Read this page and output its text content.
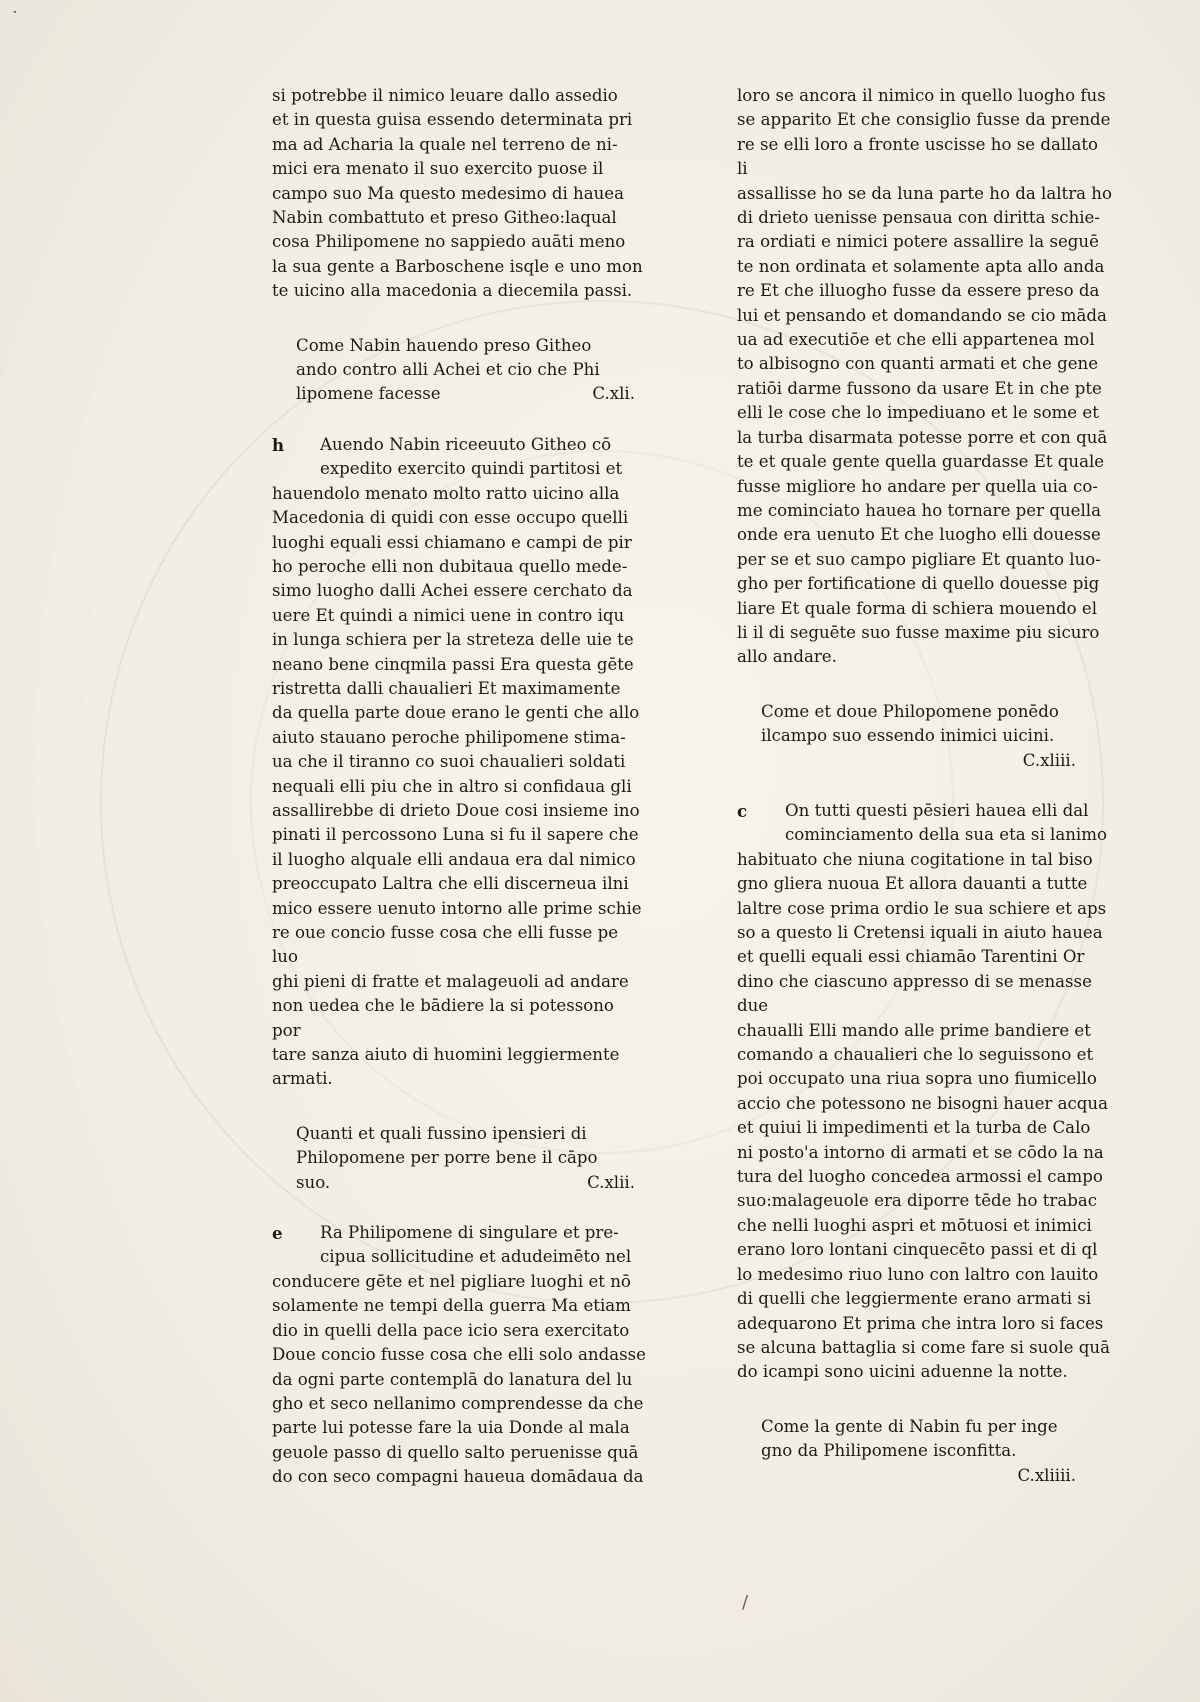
·
/

si potrebbe il nimico leuare dallo assedio

et in questa guisa essendo determinata pri

ma ad Acharia la quale nel terreno de ni-

mici era menato il suo exercito puose il

campo suo Ma questo medesimo di hauea

Nabin combattuto et preso Githeo:laqual

cosa Philipomene no sappiedo auāti meno

la sua gente a Barboschene isqle e uno mon

te uicino alla macedonia a diecemila passi.

Come Nabin hauendo preso Githeo

ando contro alli Achei et cio che Phi

lipomene facesse	C.xli.

h	Auendo Nabin riceeuuto Githeo cō

expedito exercito quindi partitosi et

hauendolo menato molto ratto uicino alla

Macedonia di quidi con esse occupo quelli

luoghi equali essi chiamano e campi de pir

ho peroche elli non dubitaua quello mede-

simo luogho dalli Achei essere cerchato da

uere Et quindi a nimici uene in contro iqu

in lunga schiera per la streteza delle uie te

neano bene cinqmila passi Era questa gēte

ristretta dalli chaualieri Et maximamente

da quella parte doue erano le genti che allo

aiuto stauano peroche philipomene stima-

ua che il tiranno co suoi chaualieri soldati

nequali elli piu che in altro si confidaua gli

assallirebbe di drieto Doue cosi insieme ino

pinati il percossono Luna si fu il sapere che

il luogho alquale elli andaua era dal nimico

preoccupato Laltra che elli discerneua ilni

mico essere uenuto intorno alle prime schie

re oue concio fusse cosa che elli fusse pe luo

ghi pieni di fratte et malageuoli ad andare

non uedea che le bādiere la si potessono por

tare sanza aiuto di huomini leggiermente

armati.

Quanti et quali fussino ipensieri di

Philopomene per porre bene il cāpo

suo.	C.xlii.

e	Ra Philipomene di singulare et pre-

cipua sollicitudine et adudeimēto nel

conducere gēte et nel pigliare luoghi et nō

solamente ne tempi della guerra Ma etiam

dio in quelli della pace icio sera exercitato

Doue concio fusse cosa che elli solo andasse

da ogni parte contemplā do lanatura del lu

gho et seco nellanimo comprendesse da che

parte lui potesse fare la uia Donde al mala

geuole passo di quello salto peruenisse quā

do con seco compagni haueua domādaua da

loro se ancora il nimico in quello luogho fus

se apparito Et che consiglio fusse da prende

re se elli loro a fronte uscisse ho se dallato li

assallisse ho se da luna parte ho da laltra ho

di drieto uenisse pensaua con diritta schie-

ra ordiati e nimici potere assallire la seguē

te non ordinata et solamente apta allo anda

re Et che illuogho fusse da essere preso da

lui et pensando et domandando se cio māda

ua ad executiōe et che elli appartenea mol

to albisogno con quanti armati et che gene

ratiōi darme fussono da usare Et in che pte

elli le cose che lo impediuano et le some et

la turba disarmata potesse porre et con quā

te et quale gente quella guardasse Et quale

fusse migliore ho andare per quella uia co-

me cominciato hauea ho tornare per quella

onde era uenuto Et che luogho elli douesse

per se et suo campo pigliare Et quanto luo-

gho per fortificatione di quello douesse pig

liare Et quale forma di schiera mouendo el

li il di seguēte suo fusse maxime piu sicuro

allo andare.

Come et doue Philopomene ponēdo

ilcampo suo essendo inimici uicini.

C.xliii.

c	On tutti questi pēsieri hauea elli dal

cominciamento della sua eta si lanimo

habituato che niuna cogitatione in tal biso

gno gliera nuoua Et allora dauanti a tutte

laltre cose prima ordio le sua schiere et aps

so a questo li Cretensi iquali in aiuto hauea

et quelli equali essi chiamāo Tarentini Or

dino che ciascuno appresso di se menasse due

chaualli Elli mando alle prime bandiere et

comando a chaualieri che lo seguissono et

poi occupato una riua sopra uno fiumicello

accio che potessono ne bisogni hauer acqua

et quiui li impedimenti et la turba de Calo

ni posto'a intorno di armati et se cōdo la na

tura del luogho concedea armossi el campo

suo:malageuole era diporre tēde ho trabac

che nelli luoghi aspri et mōtuosi et inimici

erano loro lontani cinquecēto passi et di ql

lo medesimo riuo luno con laltro con lauito

di quelli che leggiermente erano armati si

adequarono Et prima che intra loro si faces

se alcuna battaglia si come fare si suole quā

do icampi sono uicini aduenne la notte.

Come la gente di Nabin fu per inge

gno da Philipomene isconfitta.

C.xliiii.
